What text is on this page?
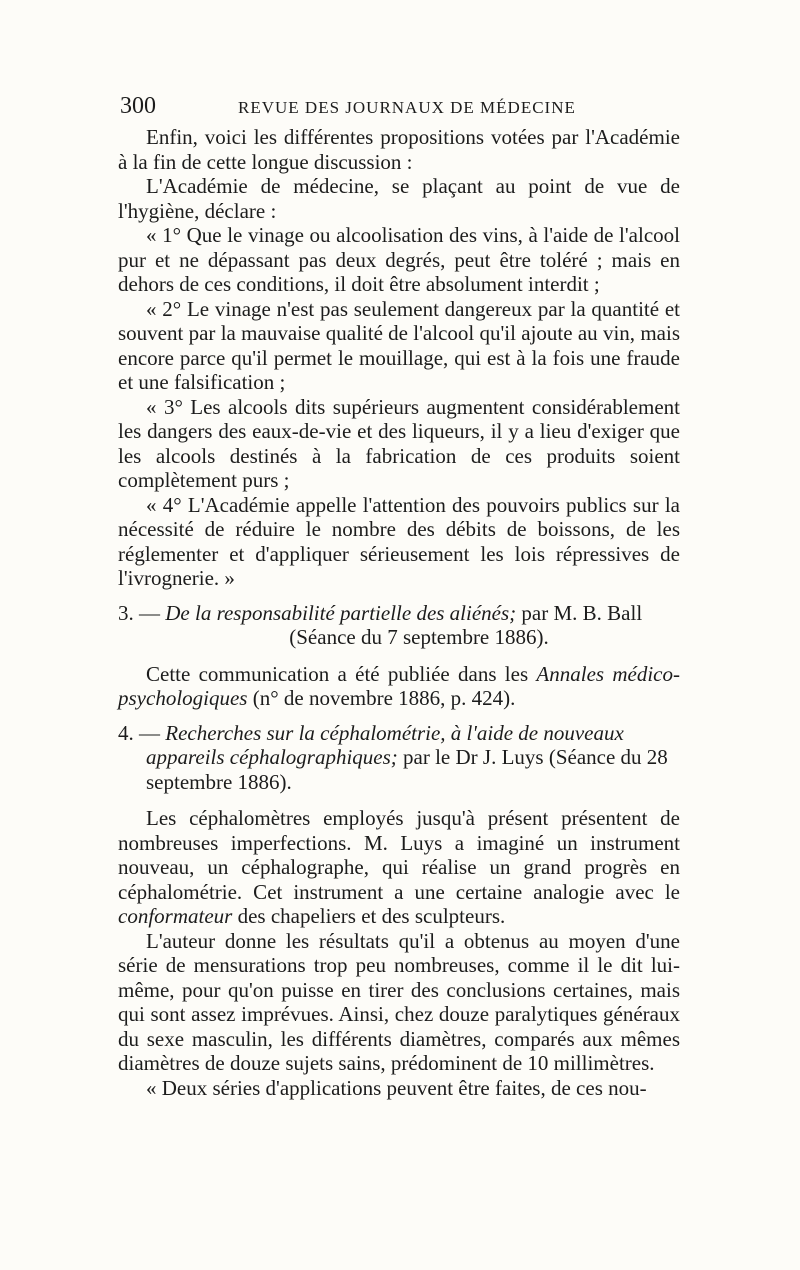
300	REVUE DES JOURNAUX DE MÉDECINE

Enfin, voici les différentes propositions votées par l'Académie à la fin de cette longue discussion :

L'Académie de médecine, se plaçant au point de vue de l'hygiène, déclare :

« 1° Que le vinage ou alcoolisation des vins, à l'aide de l'alcool pur et ne dépassant pas deux degrés, peut être toléré ; mais en dehors de ces conditions, il doit être absolument interdit ;

« 2° Le vinage n'est pas seulement dangereux par la quantité et souvent par la mauvaise qualité de l'alcool qu'il ajoute au vin, mais encore parce qu'il permet le mouillage, qui est à la fois une fraude et une falsification ;

« 3° Les alcools dits supérieurs augmentent considérablement les dangers des eaux-de-vie et des liqueurs, il y a lieu d'exiger que les alcools destinés à la fabrication de ces produits soient complètement purs ;

« 4° L'Académie appelle l'attention des pouvoirs publics sur la nécessité de réduire le nombre des débits de boissons, de les réglementer et d'appliquer sérieusement les lois répressives de l'ivrognerie. »

3. — De la responsabilité partielle des aliénés; par M. B. Ball

(Séance du 7 septembre 1886).

Cette communication a été publiée dans les Annales médico-psychologiques (n° de novembre 1886, p. 424).

4. — Recherches sur la céphalométrie, à l'aide de nouveaux appareils céphalographiques; par le Dr J. Luys (Séance du 28 septembre 1886).

Les céphalomètres employés jusqu'à présent présentent de nombreuses imperfections. M. Luys a imaginé un instrument nouveau, un céphalographe, qui réalise un grand progrès en céphalométrie. Cet instrument a une certaine analogie avec le conformateur des chapeliers et des sculpteurs.

L'auteur donne les résultats qu'il a obtenus au moyen d'une série de mensurations trop peu nombreuses, comme il le dit lui-même, pour qu'on puisse en tirer des conclusions certaines, mais qui sont assez imprévues. Ainsi, chez douze paralytiques généraux du sexe masculin, les différents diamètres, comparés aux mêmes diamètres de douze sujets sains, prédominent de 10 millimètres.

« Deux séries d'applications peuvent être faites, de ces nou-
